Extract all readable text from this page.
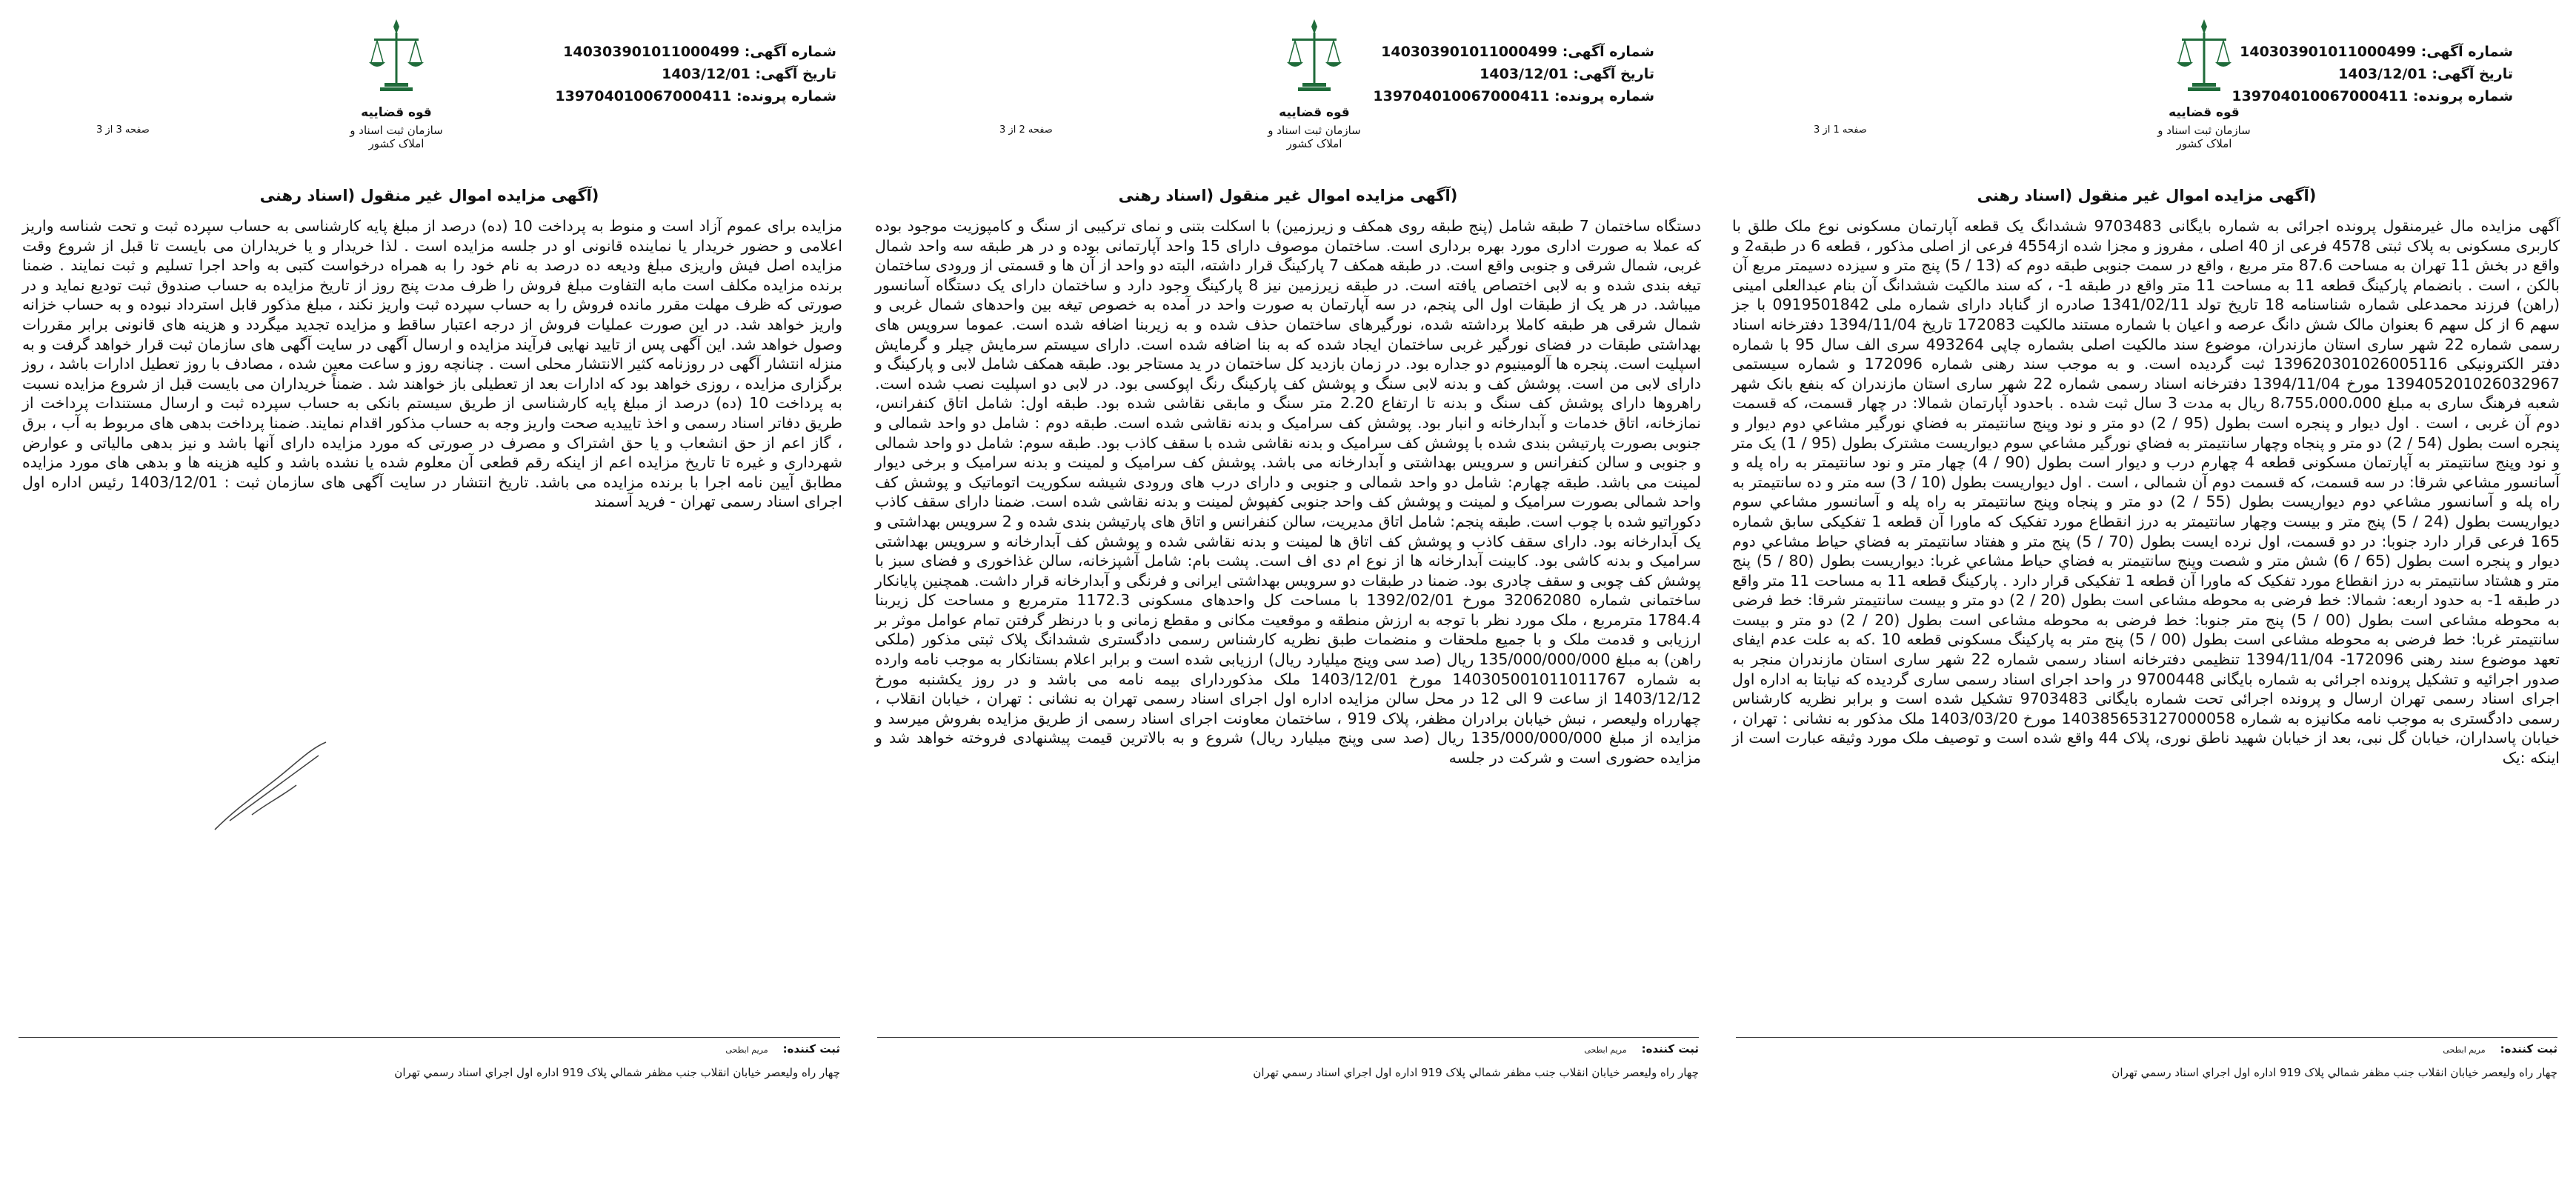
شماره آگهی: 140303901011000499
تاریخ آگهی: 1403/12/01
شماره پرونده: 139704010067000411
قوه قضاییه
سازمان ثبت اسناد و املاک کشور
صفحه 1 از 3
(آگهی مزایده اموال غیر منقول (اسناد رهنی
آگهی مزایده مال غیرمنقول پرونده اجرائی به شماره بایگانی 9703483 ششدانگ یک قطعه آپارتمان مسکونی نوع ملک طلق با کاربری مسکونی به پلاک ثبتی 4578 فرعی از 40 اصلی ، مفروز و مجزا شده از4554 فرعی از اصلی مذکور ، قطعه 6 در طبقه2 و واقع در بخش 11 تهران به مساحت 87.6 متر مربع ، واقع در سمت جنوبی طبقه دوم که (13 / 5) پنج متر و سیزده دسیمتر مربع آن بالکن ، است . بانضمام پارکینگ قطعه 11 به مساحت 11 متر واقع در طبقه 1- ، که سند مالکیت ششدانگ آن بنام عبدالعلی امینی (راهن) فرزند محمدعلی شماره شناسنامه 18 تاریخ تولد 1341/02/11 صادره از گناباد دارای شماره ملی 0919501842 با جز سهم 6 از کل سهم 6 بعنوان مالک شش دانگ عرصه و اعیان با شماره مستند مالکیت 172083 تاریخ 1394/11/04 دفترخانه اسناد رسمی شماره 22 شهر ساری استان مازندران، موضوع سند مالکیت اصلی بشماره چاپی 493264 سری الف سال 95 با شماره دفتر الکترونیکی 139620301026005116 ثبت گردیده است. و به موجب سند رهنی شماره 172096 و شماره سیستمی 139405201026032967 مورخ 1394/11/04 دفترخانه اسناد رسمی شماره 22 شهر ساری استان مازندران که بنفع بانک شهر شعبه فرهنگ ساری به مبلغ 8،755،000،000 ریال به مدت 3 سال ثبت شده . باحدود آپارتمان شمالا: در چهار قسمت، که قسمت دوم آن غربی ، است . اول دیوار و پنجره است بطول (95 / 2) دو متر و نود وپنج سانتیمتر به فضاي نورگير مشاعي دوم دیوار و پنجره است بطول (54 / 2) دو متر و پنجاه وچهار سانتيمتر به فضاي نورگير مشاعي سوم دیواریست مشترک بطول (95 / 1) یک متر و نود وپنج سانتیمتر به آپارتمان مسکونی قطعه 4 چهارم درب و دیوار است بطول (90 / 4) چهار متر و نود سانتیمتر به راه پله و آسانسور مشاعي شرقا: در سه قسمت، که قسمت دوم آن شمالی ، است . اول دیواریست بطول (10 / 3) سه متر و ده سانتیمتر به راه پله و آسانسور مشاعي دوم دیواریست بطول (55 / 2) دو متر و پنجاه وپنج سانتیمتر به راه پله و آسانسور مشاعي سوم دیواریست بطول (24 / 5) پنج متر و بیست وچهار سانتیمتر به درز انقطاع مورد تفکیک که ماورا آن قطعه 1 تفکیکی سابق شماره 165 فرعی قرار دارد جنوبا: در دو قسمت، اول نرده ایست بطول (70 / 5) پنج متر و هفتاد سانتيمتر به فضاي حياط مشاعي دوم دیوار و پنجره است بطول (65 / 6) شش متر و شصت وپنج سانتيمتر به فضاي حياط مشاعي غربا: دیواریست بطول (80 / 5) پنج متر و هشتاد سانتیمتر به درز انقطاع مورد تفکیک که ماورا آن قطعه 1 تفکیکی قرار دارد . پارکینگ قطعه 11 به مساحت 11 متر واقع در طبقه 1- به حدود اربعه: شمالا: خط فرضی به محوطه مشاعی است بطول (20 / 2) دو متر و بیست سانتیمتر شرقا: خط فرضی به محوطه مشاعی است بطول (00 / 5) پنج متر جنوبا: خط فرضی به محوطه مشاعی است بطول (20 / 2) دو متر و بیست سانتیمتر غربا: خط فرضی به محوطه مشاعی است بطول (00 / 5) پنج متر به پارکینگ مسکونی قطعه 10 .که به علت عدم ایفای تعهد موضوع سند رهنی 172096- 1394/11/04 تنظیمی دفترخانه اسناد رسمی شماره 22 شهر ساری استان مازندران منجر به صدور اجرائیه و تشکیل پرونده اجرائی به شماره بایگانی 9700448 در واحد اجرای اسناد رسمی ساری گردیده که نیابتا به اداره اول اجرای اسناد رسمی تهران ارسال و پرونده اجرائی تحت شماره بایگانی 9703483 تشکیل شده است و برابر نظریه کارشناس رسمی دادگستری به موجب نامه مکانیزه به شماره 140385653127000058 مورخ 1403/03/20 ملک مذکور به نشانی : تهران ، خیابان پاسداران، خیابان گل نبی، بعد از خیابان شهید ناطق نوری، پلاک 44 واقع شده است و توصیف ملک مورد وثیقه عبارت است از اینکه :یک
ثبت کننده:مریم ابطحی
چهار راه ولیعصر خیابان انقلاب جنب مظفر شمالي پلاک 919 اداره اول اجراي اسناد رسمي تهران
شماره آگهی: 140303901011000499
تاریخ آگهی: 1403/12/01
شماره پرونده: 139704010067000411
قوه قضاییه
سازمان ثبت اسناد و املاک کشور
صفحه 2 از 3
(آگهی مزایده اموال غیر منقول (اسناد رهنی
دستگاه ساختمان 7 طبقه شامل (پنج طبقه روی همکف و زیرزمین) با اسکلت بتنی و نمای ترکیبی از سنگ و کامپوزیت موجود بوده که عملا به صورت اداری مورد بهره برداری است. ساختمان موصوف دارای 15 واحد آپارتمانی بوده و در هر طبقه سه واحد شمال غربی، شمال شرقی و جنوبی واقع است. در طبقه همکف 7 پارکینگ قرار داشته، البته دو واحد از آن ها و قسمتی از ورودی ساختمان تیغه بندی شده و به لابی اختصاص یافته است. در طبقه زیرزمین نیز 8 پارکینگ وجود دارد و ساختمان دارای یک دستگاه آسانسور میباشد. در هر یک از طبقات اول الی پنجم، در سه آپارتمان به صورت واحد در آمده به خصوص تیغه بین واحدهای شمال غربی و شمال شرقی هر طبقه کاملا برداشته شده، نورگیرهای ساختمان حذف شده و به زیربنا اضافه شده است. عموما سرویس های بهداشتی طبقات در فضای نورگیر غربی ساختمان ایجاد شده که به بنا اضافه شده است. دارای سیستم سرمایش چیلر و گرمایش اسپلیت است. پنجره ها آلومینیوم دو جداره بود. در زمان بازدید کل ساختمان در ید مستاجر بود. طبقه همکف شامل لابی و پارکینگ و دارای لابی من است. پوشش کف و بدنه لابی سنگ و پوشش کف پارکینگ رنگ اپوکسی بود. در لابی دو اسپلیت نصب شده است. راهروها دارای پوشش کف سنگ و بدنه تا ارتفاع 2.20 متر سنگ و مابقی نقاشی شده بود. طبقه اول: شامل اتاق کنفرانس، نمازخانه، اتاق خدمات و آبدارخانه و انبار بود. پوشش کف سرامیک و بدنه نقاشی شده است. طبقه دوم : شامل دو واحد شمالی و جنوبی بصورت پارتیشن بندی شده با پوشش کف سرامیک و بدنه نقاشی شده با سقف کاذب بود. طبقه سوم: شامل دو واحد شمالی و جنوبی و سالن کنفرانس و سرویس بهداشتی و آبدارخانه می باشد. پوشش کف سرامیک و لمینت و بدنه سرامیک و برخی دیوار لمینت می باشد. طبقه چهارم: شامل دو واحد شمالی و جنوبی و دارای درب های ورودی شیشه سکوریت اتوماتیک و پوشش کف واحد شمالی بصورت سرامیک و لمینت و پوشش کف واحد جنوبی کفپوش لمینت و بدنه نقاشی شده است. ضمنا دارای سقف کاذب دکوراتیو شده با چوب است. طبقه پنجم: شامل اتاق مدیریت، سالن کنفرانس و اتاق های پارتیشن بندی شده و 2 سرویس بهداشتی و یک آبدارخانه بود. دارای سقف کاذب و پوشش کف اتاق ها لمینت و بدنه نقاشی شده و پوشش کف آبدارخانه و سرویس بهداشتی سرامیک و بدنه کاشی بود. کابینت آبدارخانه ها از نوع ام دی اف است. پشت بام: شامل آشپزخانه، سالن غذاخوری و فضای سبز با پوشش کف چوبی و سقف چادری بود. ضمنا در طبقات دو سرویس بهداشتی ایرانی و فرنگی و آبدارخانه قرار داشت. همچنین پایانکار ساختمانی شماره 32062080 مورخ 1392/02/01 با مساحت کل واحدهای مسکونی 1172.3 مترمربع و مساحت کل زیربنا 1784.4 مترمربع ، ملک مورد نظر با توجه به ارزش منطقه و موقعیت مکانی و مقطع زمانی و با درنظر گرفتن تمام عوامل موثر بر ارزیابی و قدمت ملک و با جمیع ملحقات و منضمات طبق نظریه کارشناس رسمی دادگستری ششدانگ پلاک ثبتی مذکور (ملکی راهن) به مبلغ 135/000/000/000 ریال (صد سی وپنج میلیارد ریال) ارزیابی شده است و برابر اعلام بستانکار به موجب نامه وارده به شماره 140305001011011767 مورخ 1403/12/01 ملک مذکوردارای بیمه نامه می باشد و در روز یکشنبه مورخ 1403/12/12 از ساعت 9 الی 12 در محل سالن مزایده اداره اول اجرای اسناد رسمی تهران به نشانی : تهران ، خیابان انقلاب ، چهارراه ولیعصر ، نبش خیابان برادران مظفر، پلاک 919 ، ساختمان معاونت اجرای اسناد رسمی از طریق مزایده بفروش میرسد و مزایده از مبلغ 135/000/000/000 ریال (صد سی وپنج میلیارد ریال) شروع و به بالاترین قیمت پیشنهادی فروخته خواهد شد و مزایده حضوری است و شرکت در جلسه
ثبت کننده:مریم ابطحی
چهار راه ولیعصر خیابان انقلاب جنب مظفر شمالي پلاک 919 اداره اول اجراي اسناد رسمي تهران
شماره آگهی: 140303901011000499
تاریخ آگهی: 1403/12/01
شماره پرونده: 139704010067000411
قوه قضاییه
سازمان ثبت اسناد و املاک کشور
صفحه 3 از 3
(آگهی مزایده اموال غیر منقول (اسناد رهنی
مزایده برای عموم آزاد است و منوط به پرداخت 10 (ده) درصد از مبلغ پایه کارشناسی به حساب سپرده ثبت و تحت شناسه واریز اعلامی و حضور خریدار یا نماینده قانونی او در جلسه مزایده است . لذا خریدار و یا خریداران می بایست تا قبل از شروع وقت مزایده اصل فیش واریزی مبلغ ودیعه ده درصد به نام خود را به همراه درخواست کتبی به واحد اجرا تسلیم و ثبت نمایند . ضمنا برنده مزایده مکلف است مابه التفاوت مبلغ فروش را ظرف مدت پنج روز از تاریخ مزایده به حساب صندوق ثبت تودیع نماید و در صورتی که ظرف مهلت مقرر مانده فروش را به حساب سپرده ثبت واریز نکند ، مبلغ مذکور قابل استرداد نبوده و به حساب خزانه واریز خواهد شد. در این صورت عملیات فروش از درجه اعتبار ساقط و مزایده تجدید میگردد و هزینه های قانونی برابر مقررات وصول خواهد شد. این آگهی پس از تایید نهایی فرآیند مزایده و ارسال آگهی در سایت آگهی های سازمان ثبت قرار خواهد گرفت و به منزله انتشار آگهی در روزنامه کثیر الانتشار محلی است . چنانچه روز و ساعت معین شده ، مصادف با روز تعطیل ادارات باشد ، روز برگزاری مزایده ، روزی خواهد بود که ادارات بعد از تعطیلی باز خواهند شد . ضمناً خریداران می بایست قبل از شروع مزایده نسبت به پرداخت 10 (ده) درصد از مبلغ پایه کارشناسی از طریق سیستم بانکی به حساب سپرده ثبت و ارسال مستندات پرداخت از طریق دفاتر اسناد رسمی و اخذ تاییدیه صحت واریز وجه به حساب مذکور اقدام نمایند. ضمنا پرداخت بدهی های مربوط به آب ، برق ، گاز اعم از حق انشعاب و یا حق اشتراک و مصرف در صورتی که مورد مزایده دارای آنها باشد و نیز بدهی مالیاتی و عوارض شهرداری و غیره تا تاریخ مزایده اعم از اینکه رقم قطعی آن معلوم شده یا نشده باشد و کلیه هزینه ها و بدهی های مورد مزایده مطابق آیین نامه اجرا با برنده مزایده می باشد. تاریخ انتشار در سایت آگهی های سازمان ثبت : 1403/12/01 رئیس اداره اول اجرای اسناد رسمی تهران - فرید آسمند
ثبت کننده:مریم ابطحی
چهار راه ولیعصر خیابان انقلاب جنب مظفر شمالي پلاک 919 اداره اول اجراي اسناد رسمي تهران
